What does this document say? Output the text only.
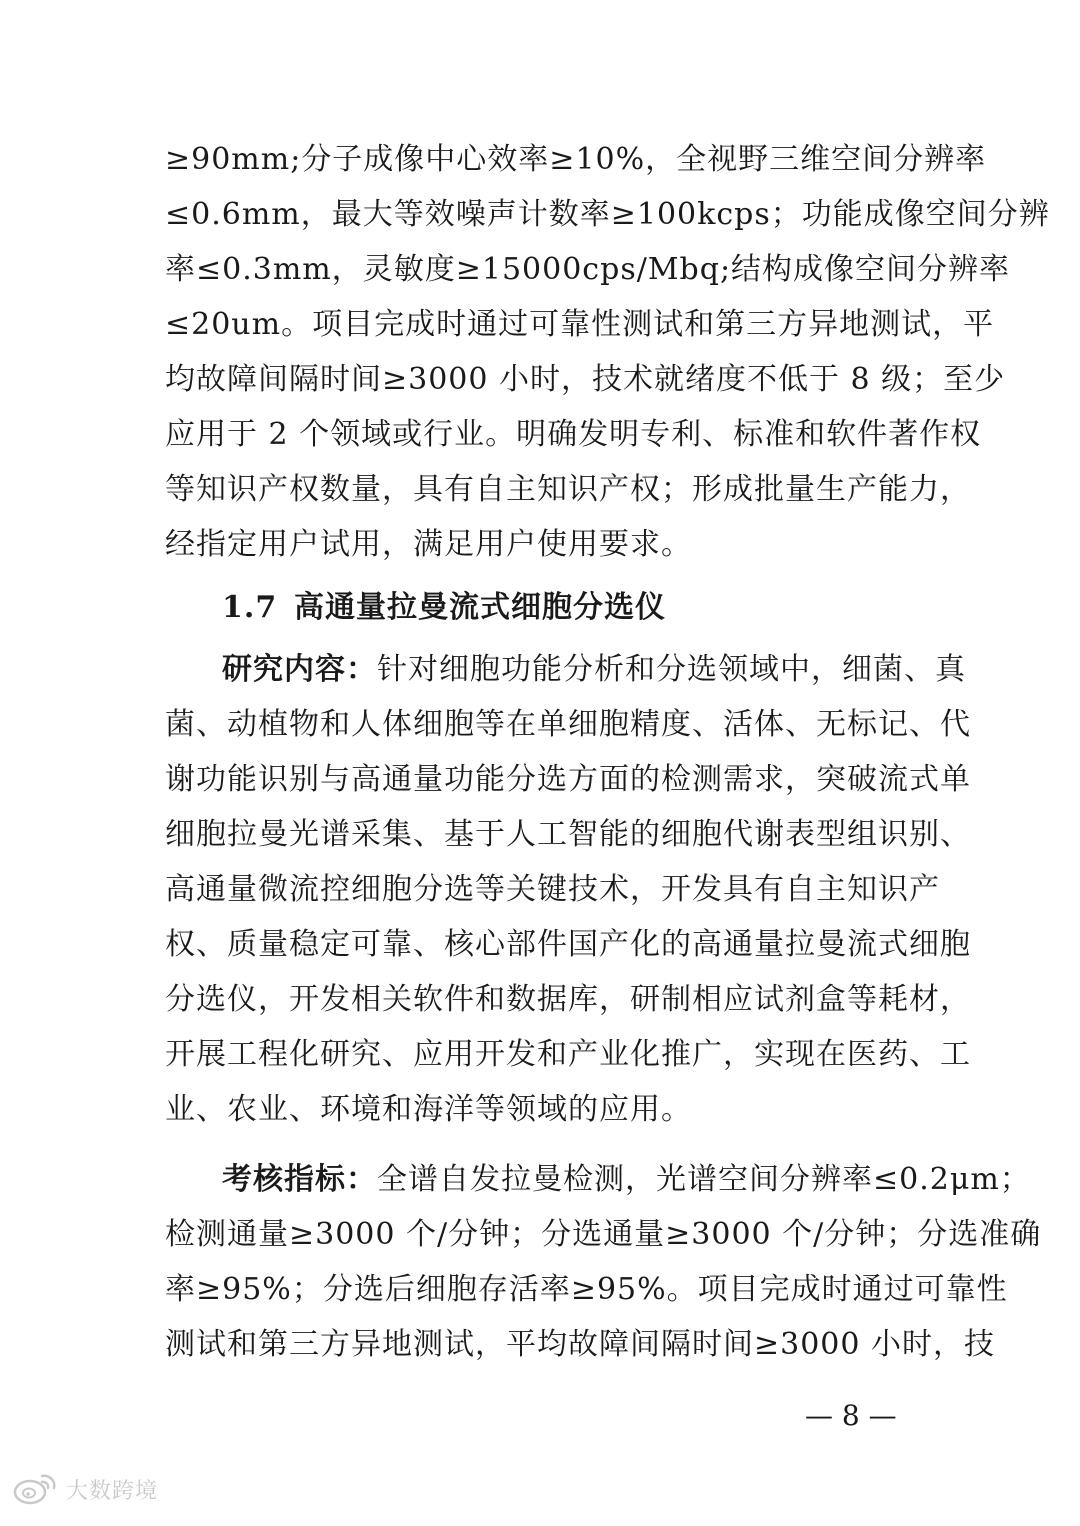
≥90mm;分子成像中心效率≥10%，全视野三维空间分辨率
≤0.6mm，最大等效噪声计数率≥100kcps；功能成像空间分辨
率≤0.3mm，灵敏度≥15000cps/Mbq;结构成像空间分辨率
≤20um。项目完成时通过可靠性测试和第三方异地测试，平
均故障间隔时间≥3000 小时，技术就绪度不低于 8 级；至少
应用于 2 个领域或行业。明确发明专利、标准和软件著作权
等知识产权数量，具有自主知识产权；形成批量生产能力，
经指定用户试用，满足用户使用要求。
1.7 高通量拉曼流式细胞分选仪
研究内容：针对细胞功能分析和分选领域中，细菌、真
菌、动植物和人体细胞等在单细胞精度、活体、无标记、代
谢功能识别与高通量功能分选方面的检测需求，突破流式单
细胞拉曼光谱采集、基于人工智能的细胞代谢表型组识别、
高通量微流控细胞分选等关键技术，开发具有自主知识产
权、质量稳定可靠、核心部件国产化的高通量拉曼流式细胞
分选仪，开发相关软件和数据库，研制相应试剂盒等耗材，
开展工程化研究、应用开发和产业化推广，实现在医药、工
业、农业、环境和海洋等领域的应用。
考核指标：全谱自发拉曼检测，光谱空间分辨率≤0.2μm；
检测通量≥3000 个/分钟；分选通量≥3000 个/分钟；分选准确
率≥95%；分选后细胞存活率≥95%。项目完成时通过可靠性
测试和第三方异地测试，平均故障间隔时间≥3000 小时，技
— 8 —
大数跨境
